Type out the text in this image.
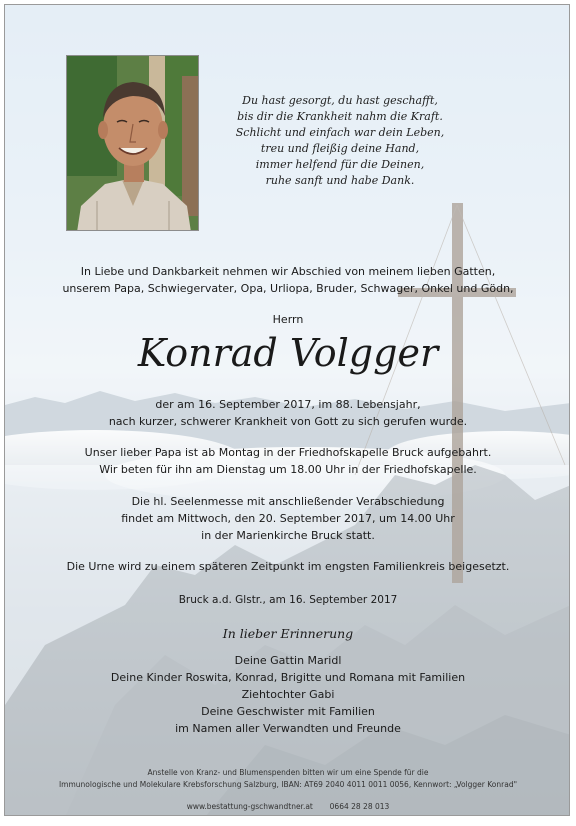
Du hast gesorgt, du hast geschafft,
bis dir die Krankheit nahm die Kraft.
Schlicht und einfach war dein Leben,
treu und fleißig deine Hand,
immer helfend für die Deinen,
ruhe sanft und habe Dank.
In Liebe und Dankbarkeit nehmen wir Abschied von meinem lieben Gatten,
unserem Papa, Schwiegervater, Opa, Urliopa, Bruder, Schwager, Onkel und Gödn,
Herrn
Konrad Volgger
der am 16. September 2017, im 88. Lebensjahr,
nach kurzer, schwerer Krankheit von Gott zu sich gerufen wurde.
Unser lieber Papa ist ab Montag in der Friedhofskapelle Bruck aufgebahrt.
Wir beten für ihn am Dienstag um 18.00 Uhr in der Friedhofskapelle.
Die hl. Seelenmesse mit anschließender Verabschiedung
findet am Mittwoch, den 20. September 2017, um 14.00 Uhr
in der Marienkirche Bruck statt.
Die Urne wird zu einem späteren Zeitpunkt im engsten Familienkreis beigesetzt.
Bruck a.d. Glstr., am 16. September 2017
In lieber Erinnerung
Deine Gattin Maridl
Deine Kinder Roswita, Konrad, Brigitte und Romana mit Familien
Ziehtochter Gabi
Deine Geschwister mit Familien
im Namen aller Verwandten und Freunde
Anstelle von Kranz- und Blumenspenden bitten wir um eine Spende für die
Immunologische und Molekulare Krebsforschung Salzburg, IBAN: AT69 2040 4011 0011 0056, Kennwort: „Volgger Konrad"
www.bestattung-gschwandtner.at 0664 28 28 013
